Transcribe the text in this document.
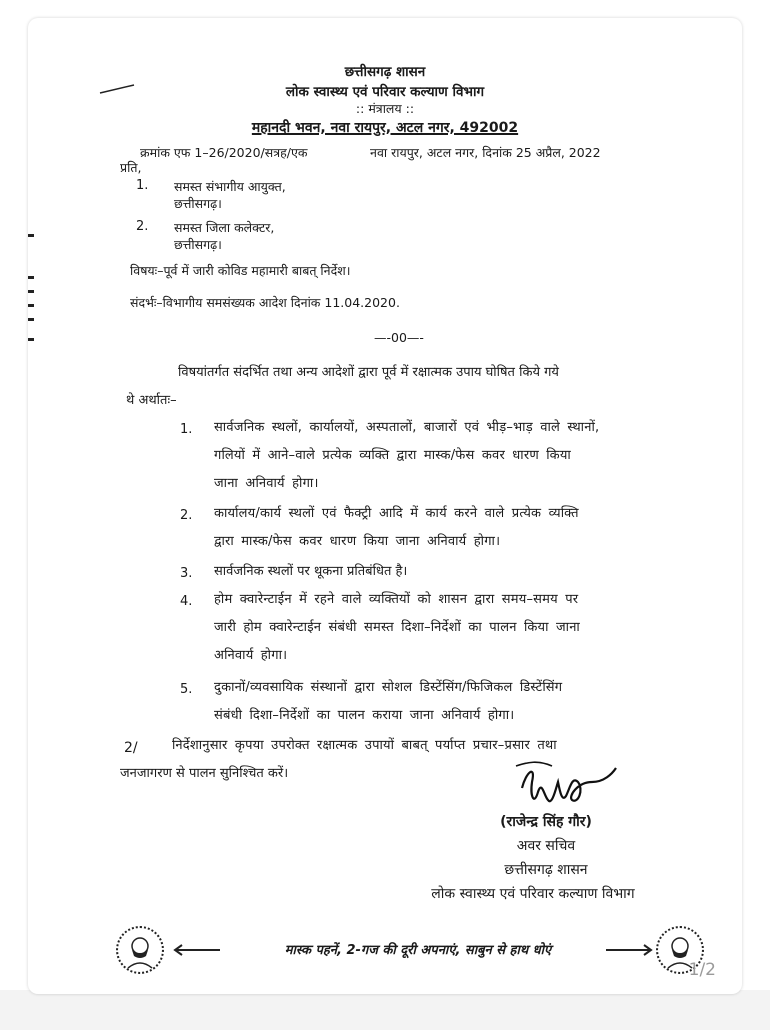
छत्तीसगढ़ शासन
लोक स्वास्थ्य एवं परिवार कल्याण विभाग
:: मंत्रालय ::
महानदी भवन, नवा रायपुर, अटल नगर, 492002
क्रमांक एफ 1–26/2020/सत्रह/एक	नवा रायपुर, अटल नगर, दिनांक 25 अप्रैल, 2022
प्रति,
1. समस्त संभागीय आयुक्त,
छत्तीसगढ़।
2. समस्त जिला कलेक्टर,
छत्तीसगढ़।
विषयः–पूर्व में जारी कोविड महामारी बाबत् निर्देश।
संदर्भः–विभागीय समसंख्यक आदेश दिनांक 11.04.2020.
—-00—-
विषयांतर्गत संदर्भित तथा अन्य आदेशों द्वारा पूर्व में रक्षात्मक उपाय घोषित किये गये
थे अर्थातः–
1. सार्वजनिक स्थलों, कार्यालयों, अस्पतालों, बाजारों एवं भीड़–भाड़ वाले स्थानों,
गलियों में आने–वाले प्रत्येक व्यक्ति द्वारा मास्क/फेस कवर धारण किया
जाना अनिवार्य होगा।
2. कार्यालय/कार्य स्थलों एवं फैक्ट्री आदि में कार्य करने वाले प्रत्येक व्यक्ति
द्वारा मास्क/फेस कवर धारण किया जाना अनिवार्य होगा।
3. सार्वजनिक स्थलों पर थूकना प्रतिबंधित है।
4. होम क्वारेन्टाईन में रहने वाले व्यक्तियों को शासन द्वारा समय–समय पर
जारी होम क्वारेन्टाईन संबंधी समस्त दिशा–निर्देशों का पालन किया जाना
अनिवार्य होगा।
5. दुकानों/व्यवसायिक संस्थानों द्वारा सोशल डिस्टेंसिंग/फिजिकल डिस्टेंसिंग
संबंधी दिशा–निर्देशों का पालन कराया जाना अनिवार्य होगा।
2/	निर्देशानुसार कृपया उपरोक्त रक्षात्मक उपायों बाबत् पर्याप्त प्रचार–प्रसार तथा
जनजागरण से पालन सुनिश्चित करें।
(राजेन्द्र सिंह गौर)
अवर सचिव
छत्तीसगढ़ शासन
लोक स्वास्थ्य एवं परिवार कल्याण विभाग
मास्क पहनें, 2-गज की दूरी अपनाएं, साबुन से हाथ धोएं
1/2
